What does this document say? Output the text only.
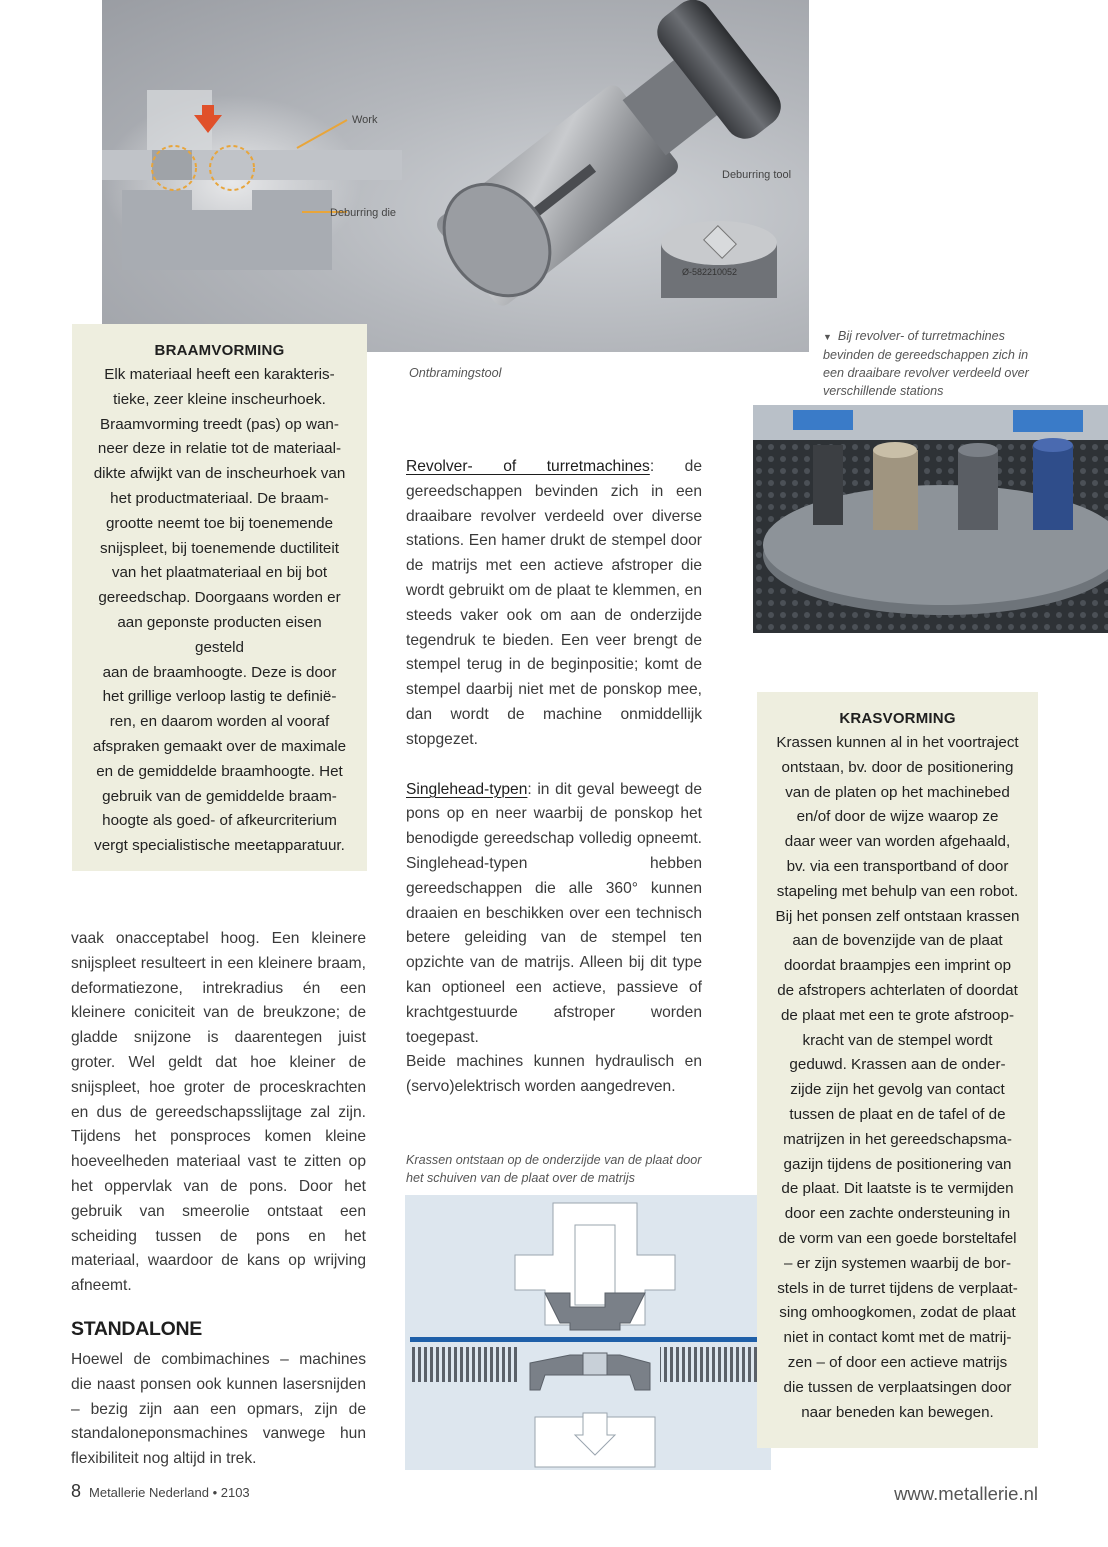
Work
Deburring die
Deburring tool
Ø-582210052
Ontbramingstool
▼ Bij revolver- of turretmachines bevinden de gereedschappen zich in een draaibare revolver verdeeld over verschillende stations
BRAAMVORMING

Elk materiaal heeft een karakteris-
tieke, zeer kleine inscheurhoek.
Braamvorming treedt (pas) op wan-
neer deze in relatie tot de materiaal-
dikte afwijkt van de inscheurhoek van
het productmateriaal. De braam-
grootte neemt toe bij toenemende
snijspleet, bij toenemende ductiliteit
van het plaatmateriaal en bij bot
gereedschap. Doorgaans worden er
aan geponste producten eisen gesteld
aan de braamhoogte. Deze is door
het grillige verloop lastig te definië-
ren, en daarom worden al vooraf
afspraken gemaakt over de maximale
en de gemiddelde braamhoogte. Het
gebruik van de gemiddelde braam-
hoogte als goed- of afkeurcriterium
vergt specialistische meetapparatuur.

Revolver- of turretmachines: de gereedschappen bevinden zich in een draaibare revolver verdeeld over diverse stations. Een hamer drukt de stempel door de matrijs met een actieve afstroper die wordt gebruikt om de plaat te klemmen, en steeds vaker ook om aan de onderzijde tegendruk te bieden. Een veer brengt de stempel terug in de beginpositie; komt de stempel daarbij niet met de ponskop mee, dan wordt de machine onmiddellijk stopgezet.

Singlehead-typen: in dit geval beweegt de pons op en neer waarbij de ponskop het benodigde gereedschap volledig opneemt. Singlehead-typen hebben gereedschappen die alle 360° kunnen draaien en beschikken over een technisch betere geleiding van de stempel ten opzichte van de matrijs. Alleen bij dit type kan optioneel een actieve, passieve of krachtgestuurde afstroper worden toegepast.

Beide machines kunnen hydraulisch en (servo)elektrisch worden aangedreven.

Krassen ontstaan op de onderzijde van de plaat door het schuiven van de plaat over de matrijs
KRASVORMING

Krassen kunnen al in het voortraject
ontstaan, bv. door de positionering
van de platen op het machinebed
en/of door de wijze waarop ze
daar weer van worden afgehaald,
bv. via een transportband of door
stapeling met behulp van een robot.
Bij het ponsen zelf ontstaan krassen
aan de bovenzijde van de plaat
doordat braampjes een imprint op
de afstropers achterlaten of doordat
de plaat met een te grote afstroop-
kracht van de stempel wordt
geduwd. Krassen aan de onder-
zijde zijn het gevolg van contact
tussen de plaat en de tafel of de
matrijzen in het gereedschapsma-
gazijn tijdens de positionering van
de plaat. Dit laatste is te vermijden
door een zachte ondersteuning in
de vorm van een goede borsteltafel
– er zijn systemen waarbij de bor-
stels in de turret tijdens de verplaat-
sing omhoogkomen, zodat de plaat
niet in contact komt met de matrij-
zen – of door een actieve matrijs
die tussen de verplaatsingen door
naar beneden kan bewegen.

vaak onacceptabel hoog. Een kleinere snijspleet resulteert in een kleinere braam, deformatiezone, intrekradius én een kleinere coniciteit van de breukzone; de gladde snijzone is daarentegen juist groter. Wel geldt dat hoe kleiner de snijspleet, hoe groter de proceskrachten en dus de gereedschapsslijtage zal zijn. Tijdens het ponsproces komen kleine hoeveelheden materiaal vast te zitten op het oppervlak van de pons. Door het gebruik van smeerolie ontstaat een scheiding tussen de pons en het materiaal, waardoor de kans op wrijving afneemt.

STANDALONE

Hoewel de combimachines – machines die naast ponsen ook kunnen lasersnijden – bezig zijn aan een opmars, zijn de standaloneponsmachines vanwege hun flexibiliteit nog altijd in trek.

8 Metallerie Nederland • 2103	www.metallerie.nl
